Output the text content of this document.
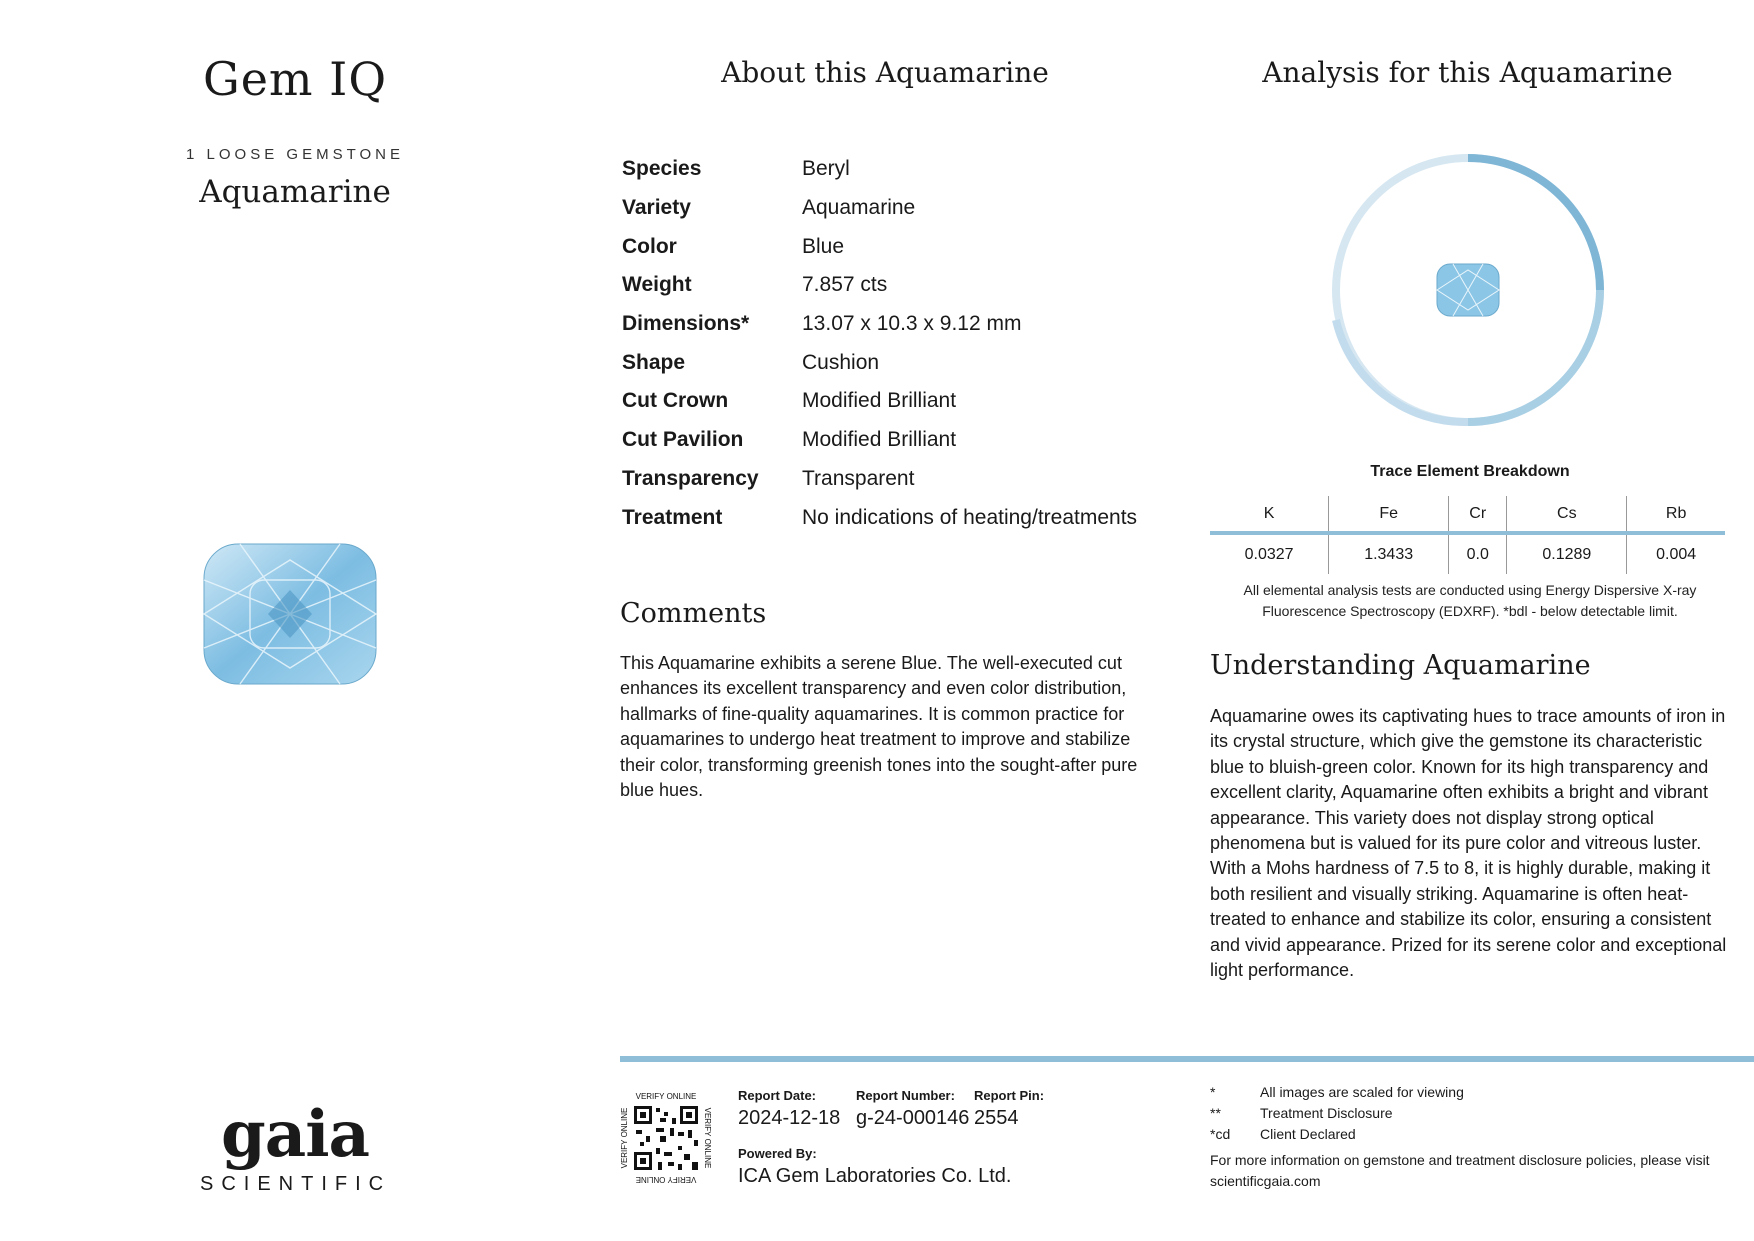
Gem IQ
1 LOOSE GEMSTONE
Aquamarine
gaia
SCIENTIFIC
About this Aquamarine
Species	Beryl
Variety	Aquamarine
Color	Blue
Weight	7.857 cts
Dimensions*	13.07 x 10.3 x 9.12 mm
Shape	Cushion
Cut Crown	Modified Brilliant
Cut Pavilion	Modified Brilliant
Transparency	Transparent
Treatment	No indications of heating/treatments
Comments
This Aquamarine exhibits a serene Blue. The well-executed cut enhances its excellent transparency and even color distribution, hallmarks of fine-quality aquamarines. It is common practice for aquamarines to undergo heat treatment to improve and stabilize their color, transforming greenish tones into the sought-after pure blue hues.
Analysis for this Aquamarine
Trace Element Breakdown
K	Fe	Cr	Cs	Rb
0.0327	1.3433	0.0	0.1289	0.004
All elemental analysis tests are conducted using Energy Dispersive X-ray Fluorescence Spectroscopy (EDXRF). *bdl - below detectable limit.
Understanding Aquamarine
Aquamarine owes its captivating hues to trace amounts of iron in its crystal structure, which give the gemstone its characteristic blue to bluish-green color. Known for its high transparency and excellent clarity, Aquamarine often exhibits a bright and vibrant appearance. This variety does not display strong optical phenomena but is valued for its pure color and vitreous luster. With a Mohs hardness of 7.5 to 8, it is highly durable, making it both resilient and visually striking. Aquamarine is often heat-treated to enhance and stabilize its color, ensuring a consistent and vivid appearance. Prized for its serene color and exceptional light performance.
VERIFY ONLINE
VERIFY ONLINE
VERIFY ONLINE	VERIFY ONLINE
Report Date:
2024-12-18
Report Number:
g-24-000146
Report Pin:
2554
Powered By:
ICA Gem Laboratories Co. Ltd.
*	All images are scaled for viewing
**	Treatment Disclosure
*cd Client Declared
For more information on gemstone and treatment disclosure policies, please visit scientificgaia.com
